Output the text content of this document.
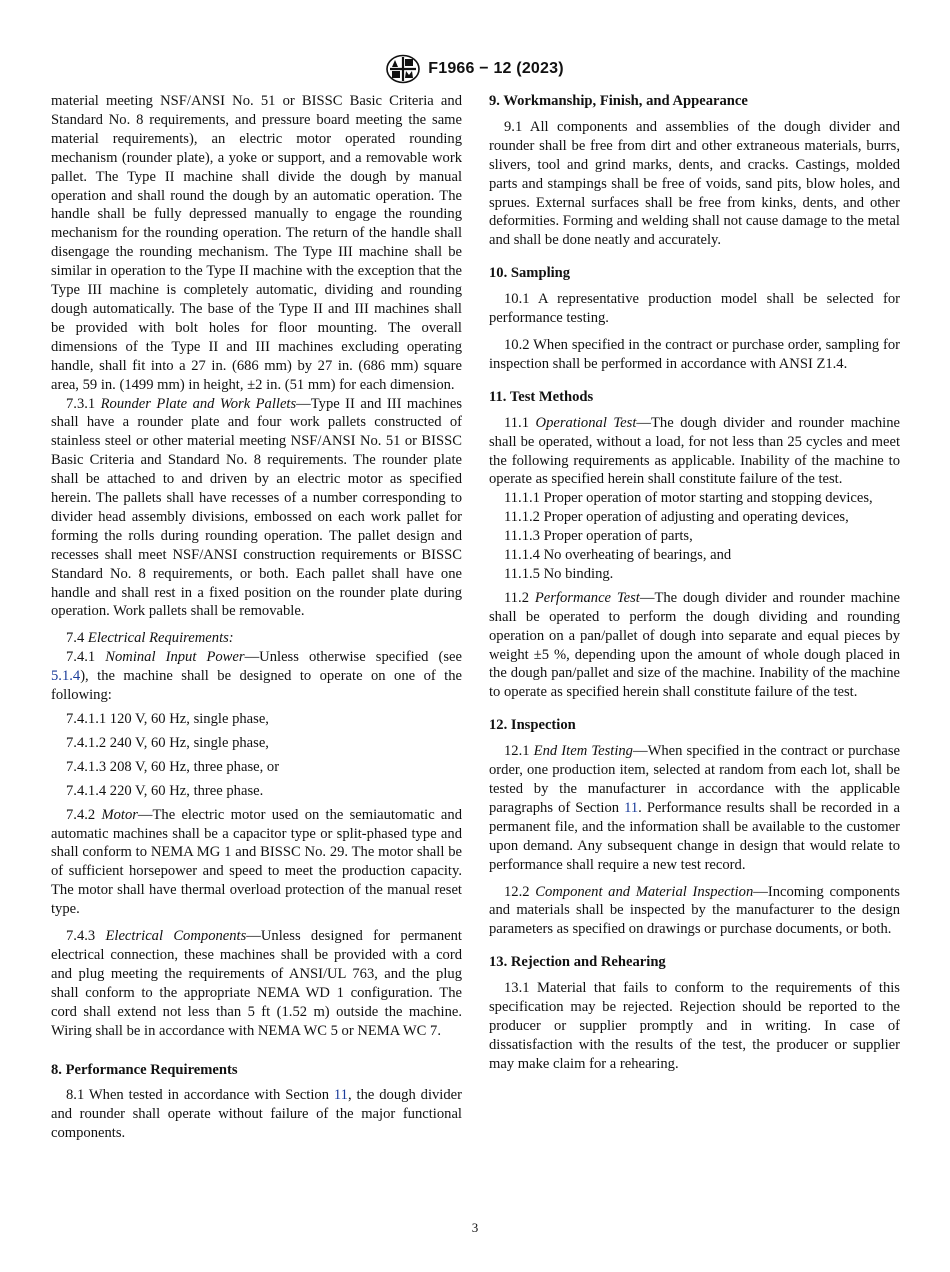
F1966 − 12 (2023)

material meeting NSF/ANSI No. 51 or BISSC Basic Criteria and Standard No. 8 requirements, and pressure board meeting the same material requirements), an electric motor operated rounding mechanism (rounder plate), a yoke or support, and a removable work pallet. The Type II machine shall divide the dough by manual operation and shall round the dough by an automatic operation. The handle shall be fully depressed manually to engage the rounding mechanism for the rounding operation. The return of the handle shall disengage the rounding mechanism. The Type III machine shall be similar in operation to the Type II machine with the exception that the Type III machine is completely automatic, dividing and rounding dough automatically. The base of the Type II and III machines shall be provided with bolt holes for floor mounting. The overall dimensions of the Type II and III machines excluding operating handle, shall fit into a 27 in. (686 mm) by 27 in. (686 mm) square area, 59 in. (1499 mm) in height, ±2 in. (51 mm) for each dimension.

7.3.1 Rounder Plate and Work Pallets—Type II and III machines shall have a rounder plate and four work pallets constructed of stainless steel or other material meeting NSF/ANSI No. 51 or BISSC Basic Criteria and Standard No. 8 requirements. The rounder plate shall be attached to and driven by an electric motor as specified herein. The pallets shall have recesses of a number corresponding to divider head assembly divisions, embossed on each work pallet for forming the rolls during rounding operation. The pallet design and recesses shall meet NSF/ANSI construction requirements or BISSC Standard No. 8 requirements, or both. Each pallet shall have one handle and shall rest in a fixed position on the rounder plate during operation. Work pallets shall be removable.

7.4 Electrical Requirements:

7.4.1 Nominal Input Power—Unless otherwise specified (see 5.1.4), the machine shall be designed to operate on one of the following:

7.4.1.1 120 V, 60 Hz, single phase,

7.4.1.2 240 V, 60 Hz, single phase,

7.4.1.3 208 V, 60 Hz, three phase, or

7.4.1.4 220 V, 60 Hz, three phase.

7.4.2 Motor—The electric motor used on the semiautomatic and automatic machines shall be a capacitor type or split-phased type and shall conform to NEMA MG 1 and BISSC No. 29. The motor shall be of sufficient horsepower and speed to meet the production capacity. The motor shall have thermal overload protection of the manual reset type.

7.4.3 Electrical Components—Unless designed for permanent electrical connection, these machines shall be provided with a cord and plug meeting the requirements of ANSI/UL 763, and the plug shall conform to the appropriate NEMA WD 1 configuration. The cord shall extend not less than 5 ft (1.52 m) outside the machine. Wiring shall be in accordance with NEMA WC 5 or NEMA WC 7.

8. Performance Requirements

8.1 When tested in accordance with Section 11, the dough divider and rounder shall operate without failure of the major functional components.

9. Workmanship, Finish, and Appearance

9.1 All components and assemblies of the dough divider and rounder shall be free from dirt and other extraneous materials, burrs, slivers, tool and grind marks, dents, and cracks. Castings, molded parts and stampings shall be free of voids, sand pits, blow holes, and sprues. External surfaces shall be free from kinks, dents, and other deformities. Forming and welding shall not cause damage to the metal and shall be done neatly and accurately.

10. Sampling

10.1 A representative production model shall be selected for performance testing.

10.2 When specified in the contract or purchase order, sampling for inspection shall be performed in accordance with ANSI Z1.4.

11. Test Methods

11.1 Operational Test—The dough divider and rounder machine shall be operated, without a load, for not less than 25 cycles and meet the following requirements as applicable. Inability of the machine to operate as specified herein shall constitute failure of the test.

11.1.1 Proper operation of motor starting and stopping devices,

11.1.2 Proper operation of adjusting and operating devices,

11.1.3 Proper operation of parts,

11.1.4 No overheating of bearings, and

11.1.5 No binding.

11.2 Performance Test—The dough divider and rounder machine shall be operated to perform the dough dividing and rounding operation on a pan/pallet of dough into separate and equal pieces by weight ±5 %, depending upon the amount of whole dough placed in the dough pan/pallet and size of the machine. Inability of the machine to operate as specified herein shall constitute failure of the test.

12. Inspection

12.1 End Item Testing—When specified in the contract or purchase order, one production item, selected at random from each lot, shall be tested by the manufacturer in accordance with the applicable paragraphs of Section 11. Performance results shall be recorded in a permanent file, and the information shall be available to the customer upon demand. Any subsequent change in design that would relate to performance shall require a new test record.

12.2 Component and Material Inspection—Incoming components and materials shall be inspected by the manufacturer to the design parameters as specified on drawings or purchase documents, or both.

13. Rejection and Rehearing

13.1 Material that fails to conform to the requirements of this specification may be rejected. Rejection should be reported to the producer or supplier promptly and in writing. In case of dissatisfaction with the results of the test, the producer or supplier may make claim for a rehearing.

3
